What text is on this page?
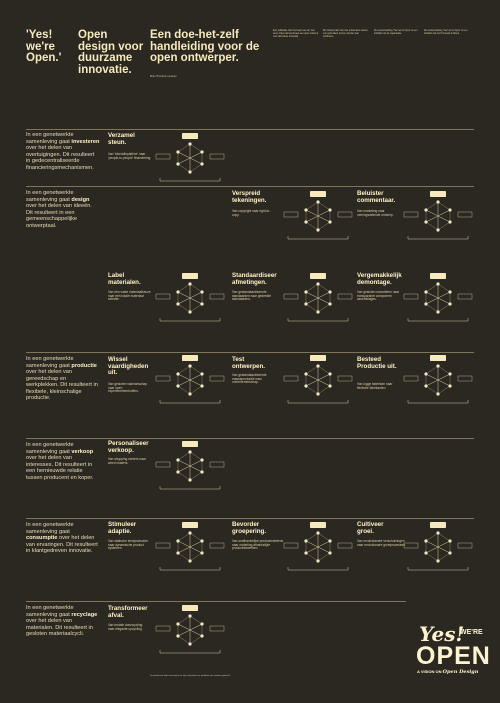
'Yes! we're Open.'
Open design voor duurzame innovatie.
Een doe-het-zelf handleiding voor de open ontwerper.
Brian Thompson ontwerp
Een publicatie door het team van de Yes! we're Open dat werkt aan een open ontwerp voor duurzame innovatie.
Dit ontwerp laat zien hoe ontwerpers samen met gebruikers kunnen werken aan producten.
De tentoonstelling 'Yes! we're Open' is een initiatief van de organisatie.
De tentoonstelling 'Yes! we're Open' is een initiatief van het Premsela Instituut.
In een genetwerkte samenleving gaat investeren over het delen van overtuigingen. Dit resulteert in gedecentraliseerde financieringsmechanismen.
In een genetwerkte samenleving gaat design over het delen van ideeën. Dit resulteert in een gemeenschappelijke ontwerptaal.
In een genetwerkte samenleving gaat productie over het delen van gereedschap en werkplekken. Dit resulteert in flexibele, kleinschalige productie.
In een genetwerkte samenleving gaat verkoop over het delen van interesses. Dit resulteert in een hernieuwde relatie tussen producent en koper.
In een genetwerkte samenleving gaat consumptie over het delen van ervaringen. Dit resulteert in klantgedreven innovatie.
In een genetwerkte samenleving gaat recyclage over het delen van materialen. Dit resulteert in gesloten materiaalcycli.
Verzamel steun.
Van 'bloeddiepatiëne' naar 'people-to-people' financiering.
Verspreid tekeningen.
Van copyright naar right-to-copy.
Beluister commentaar.
Van marketing naar meningsdelende ontwerp.
Label materialen.
Van een vaste materiaalkeuze naar een lokale materiaal selectie.
Standaardiseer afmetingen.
Van gestandaardiseerde standaarden naar gedeelde standaarden.
Vergemakkelijk demontage.
Van gesloten monolieten naar transparante component assemblages.
Wissel vaardigheden uit.
Van gesloten vakmanschap naar open experimenteerkoffers.
Test ontwerpen.
Van gestandaardiseerde massaproductie naar ondernemerschap.
Besteed Productie uit.
Van logge fabrieken naar flexibele fabrikanten.
Personaliseer verkoop.
Van shopping centers naar wired clusters.
Stimuleer adaptie.
Van statische eindproducten naar dynamische product systemen.
Bevorder groepering.
Van onafhankelijke productenketens naar onderling afhankelijke productnetwerken.
Cultiveer groei.
Van revolutionaire verschuivingen naar evolutionaire groeiprocessen.
Transformeer afval.
Van brutale downcycling naar elegante upcycling.
De producent leidt een besluit als tijd, materialen en middelen die worden gedeeld.
Yes!
WE'RE
OPEN
A VISION ON Open Design
